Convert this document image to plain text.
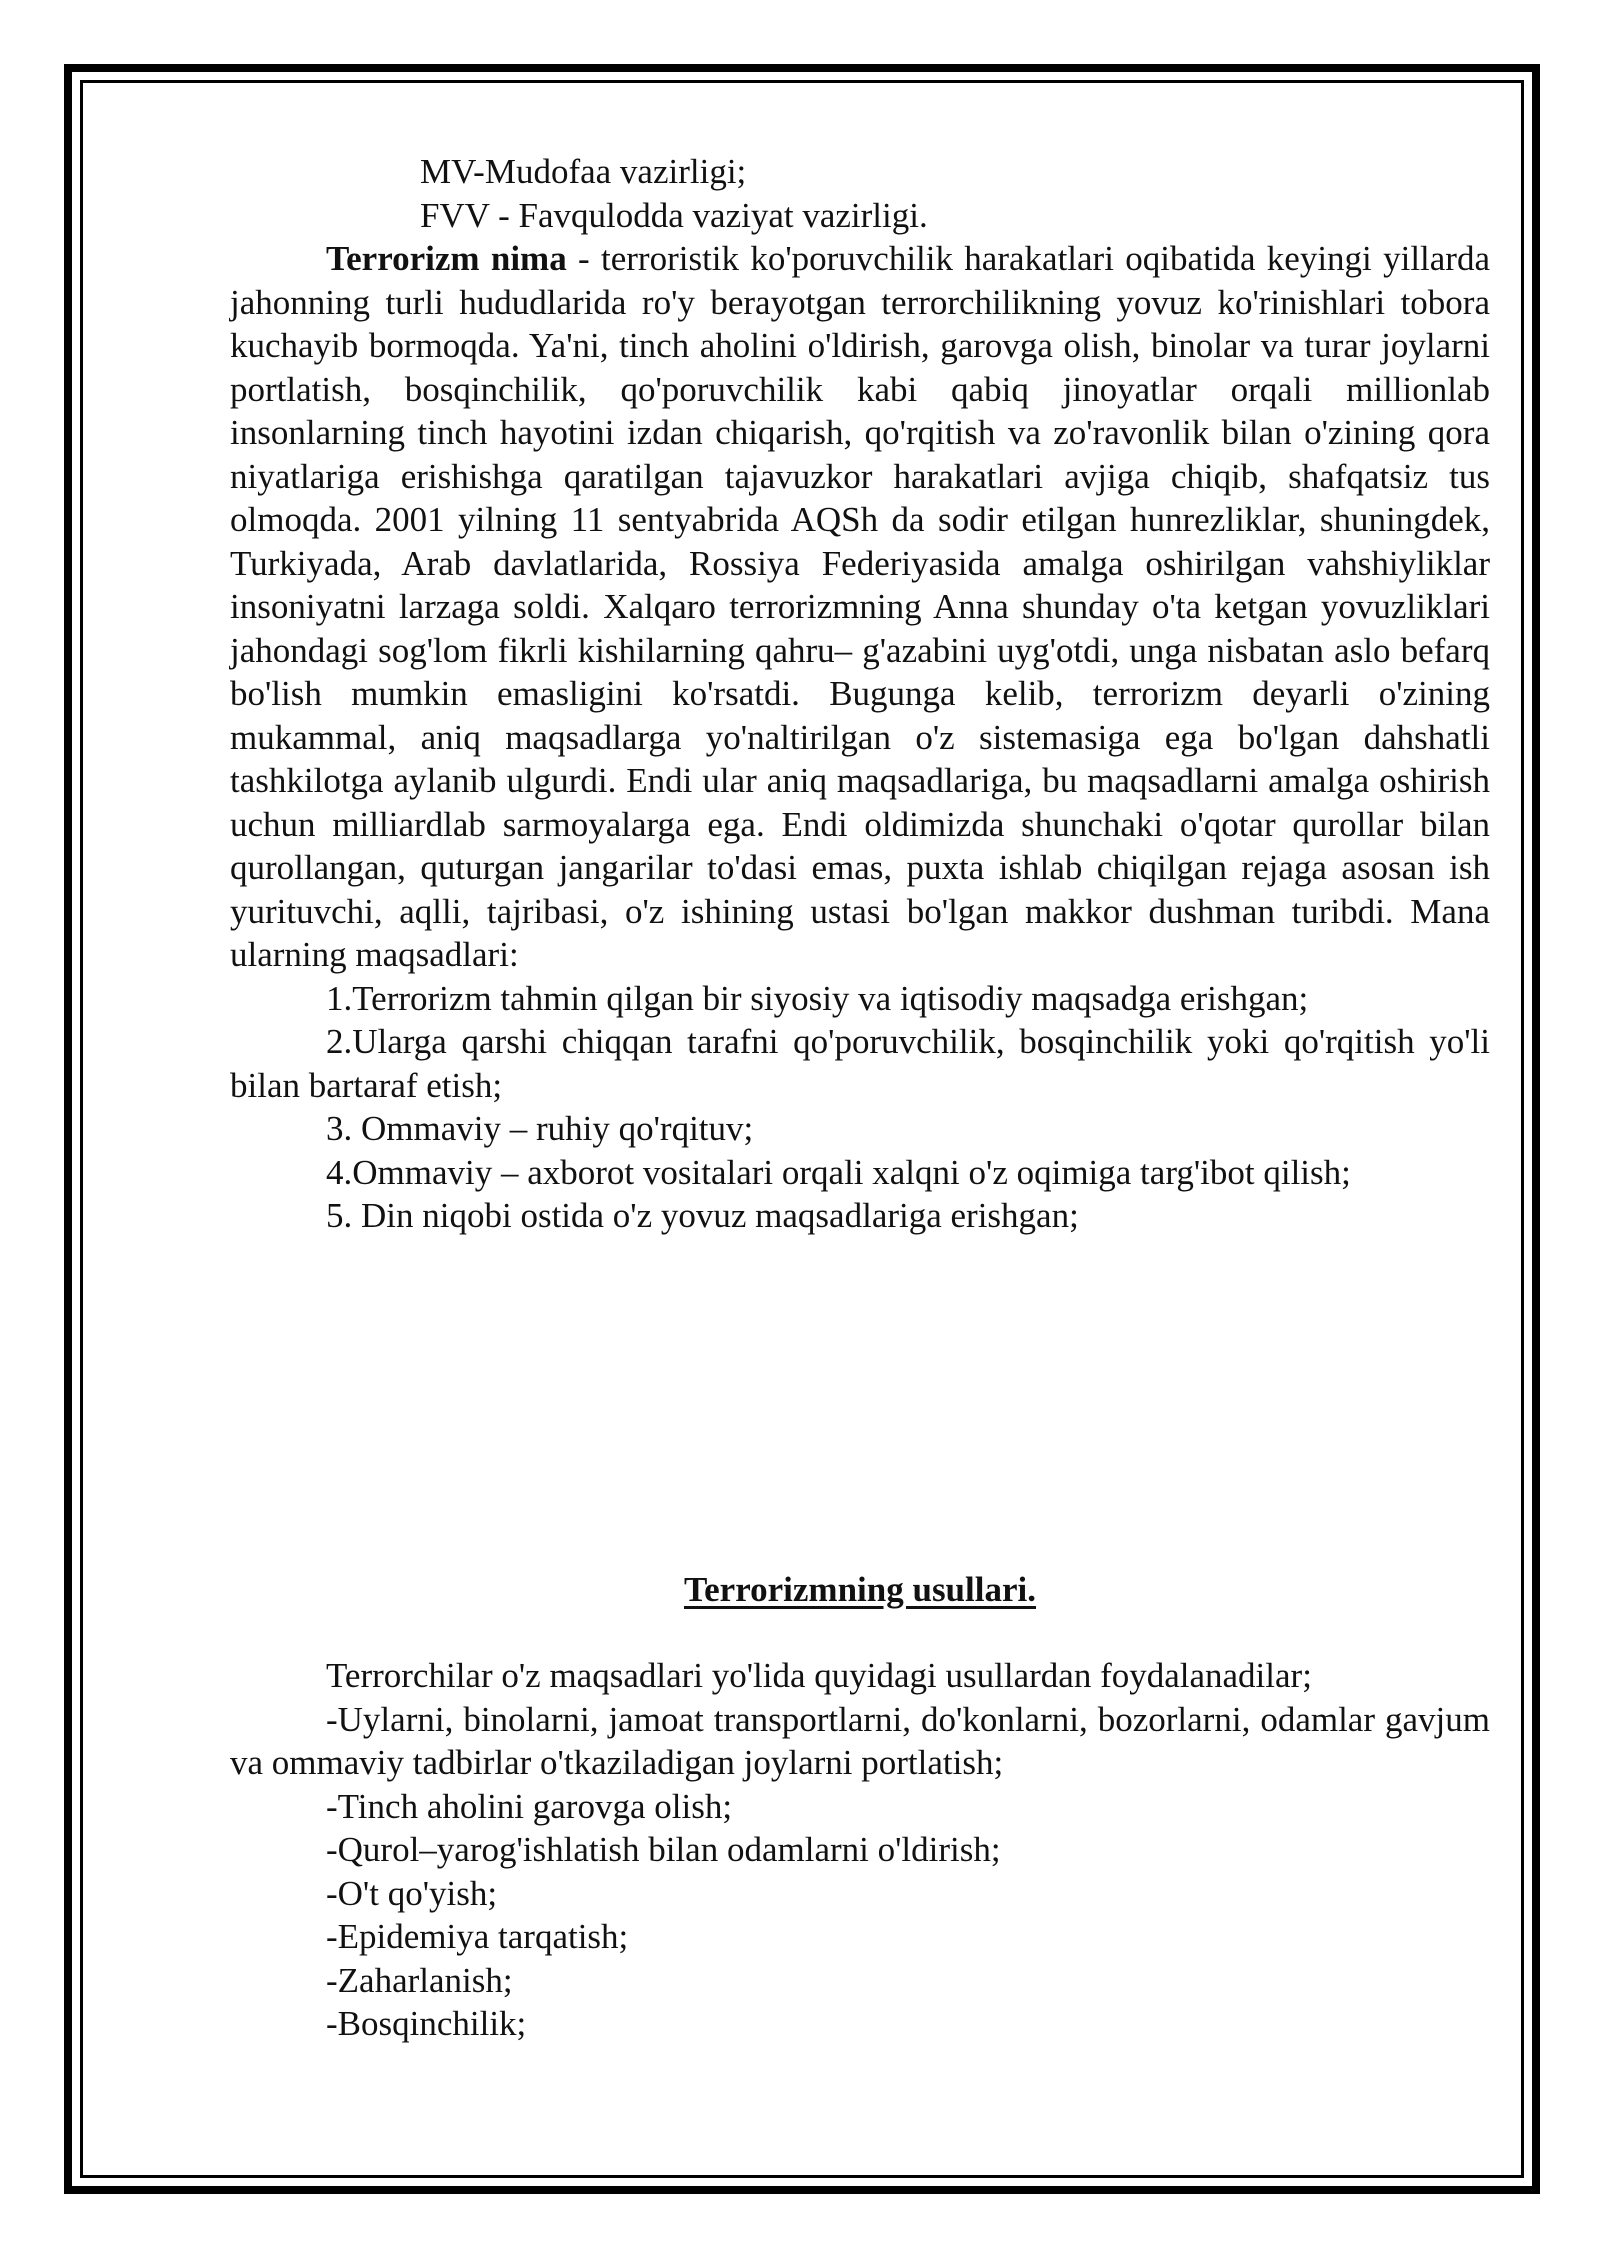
MV-Mudofaa vazirligi;

FVV - Favqulodda vaziyat vazirligi.

Terrorizm nima - terroristik ko'poruvchilik harakatlari oqibatida keyingi yillarda jahonning turli hududlarida ro'y berayotgan terrorchilikning yovuz ko'rinishlari tobora kuchayib bormoqda. Ya'ni, tinch aholini o'ldirish, garovga olish, binolar va turar joylarni portlatish, bosqinchilik, qo'poruvchilik kabi qabiq jinoyatlar orqali millionlab insonlarning tinch hayotini izdan chiqarish, qo'rqitish va zo'ravonlik bilan o'zining qora niyatlariga erishishga qaratilgan tajavuzkor harakatlari avjiga chiqib, shafqatsiz tus olmoqda. 2001 yilning 11 sentyabrida AQSh da sodir etilgan hunrezliklar, shuningdek, Turkiyada, Arab davlatlarida, Rossiya Federiyasida amalga oshirilgan vahshiyliklar insoniyatni larzaga soldi. Xalqaro terrorizmning Anna shunday o'ta ketgan yovuzliklari jahondagi sog'lom fikrli kishilarning qahru– g'azabini uyg'otdi, unga nisbatan aslo befarq bo'lish mumkin emasligini ko'rsatdi. Bugunga kelib, terrorizm deyarli o'zining mukammal, aniq maqsadlarga yo'naltirilgan o'z sistemasiga ega bo'lgan dahshatli tashkilotga aylanib ulgurdi. Endi ular aniq maqsadlariga, bu maqsadlarni amalga oshirish uchun milliardlab sarmoyalarga ega. Endi oldimizda shunchaki o'qotar qurollar bilan qurollangan, quturgan jangarilar to'dasi emas, puxta ishlab chiqilgan rejaga asosan ish yurituvchi, aqlli, tajribasi, o'z ishining ustasi bo'lgan makkor dushman turibdi. Mana ularning maqsadlari:

1.Terrorizm tahmin qilgan bir siyosiy va iqtisodiy maqsadga erishgan;

2.Ularga qarshi chiqqan tarafni qo'poruvchilik, bosqinchilik yoki qo'rqitish yo'li bilan bartaraf etish;

3. Ommaviy – ruhiy qo'rqituv;

4.Ommaviy – axborot vositalari orqali xalqni o'z oqimiga targ'ibot qilish;

5. Din niqobi ostida o'z yovuz maqsadlariga erishgan;

Terrorizmning usullari.

Terrorchilar o'z maqsadlari yo'lida quyidagi usullardan foydalanadilar;

-Uylarni, binolarni, jamoat transportlarni, do'konlarni, bozorlarni, odamlar gavjum va ommaviy tadbirlar o'tkaziladigan joylarni portlatish;

-Tinch aholini garovga olish;

-Qurol–yarog'ishlatish bilan odamlarni o'ldirish;

-O't qo'yish;

-Epidemiya tarqatish;

-Zaharlanish;

-Bosqinchilik;
